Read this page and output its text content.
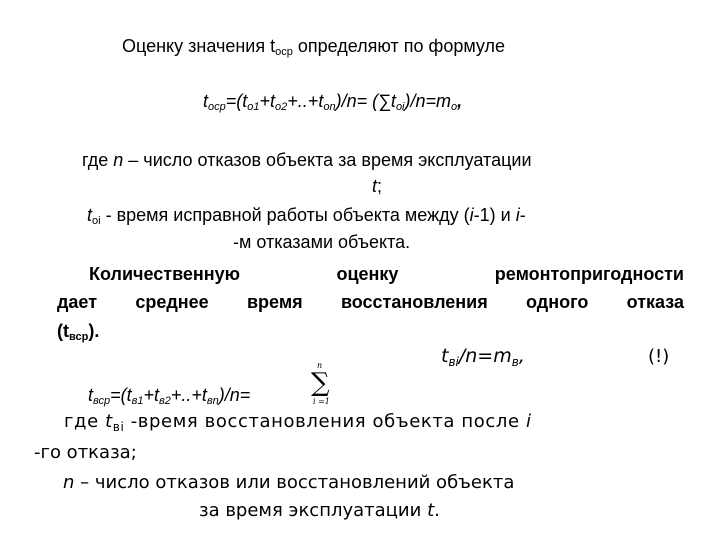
Оценку значения $t_{оср}$ определяют по формуле
$t_{оср}=(t_{о1}+t_{о2}+..+t_{оn})/n= (\sum t_{оi})/n=m_о$,
где n – число отказов объекта за время эксплуатации
t;
$t_{оi}$ - время исправной работы объекта между (i-1) и i-
-м отказами объекта.
Количественную оценку ремонтопригодности
дает среднее время восстановления одного отказа
$(t_{вср})$.
$t_{вi}/n=m_в$,	(!)
$t_{вср}=(t_{в1}+t_{в2}+..+t_{вn})/n=$
n
∑
i =1
где $t_{вi}$ -время восстановления объекта после i
-го отказа;
n – число отказов или восстановлений объекта
за время эксплуатации t.
